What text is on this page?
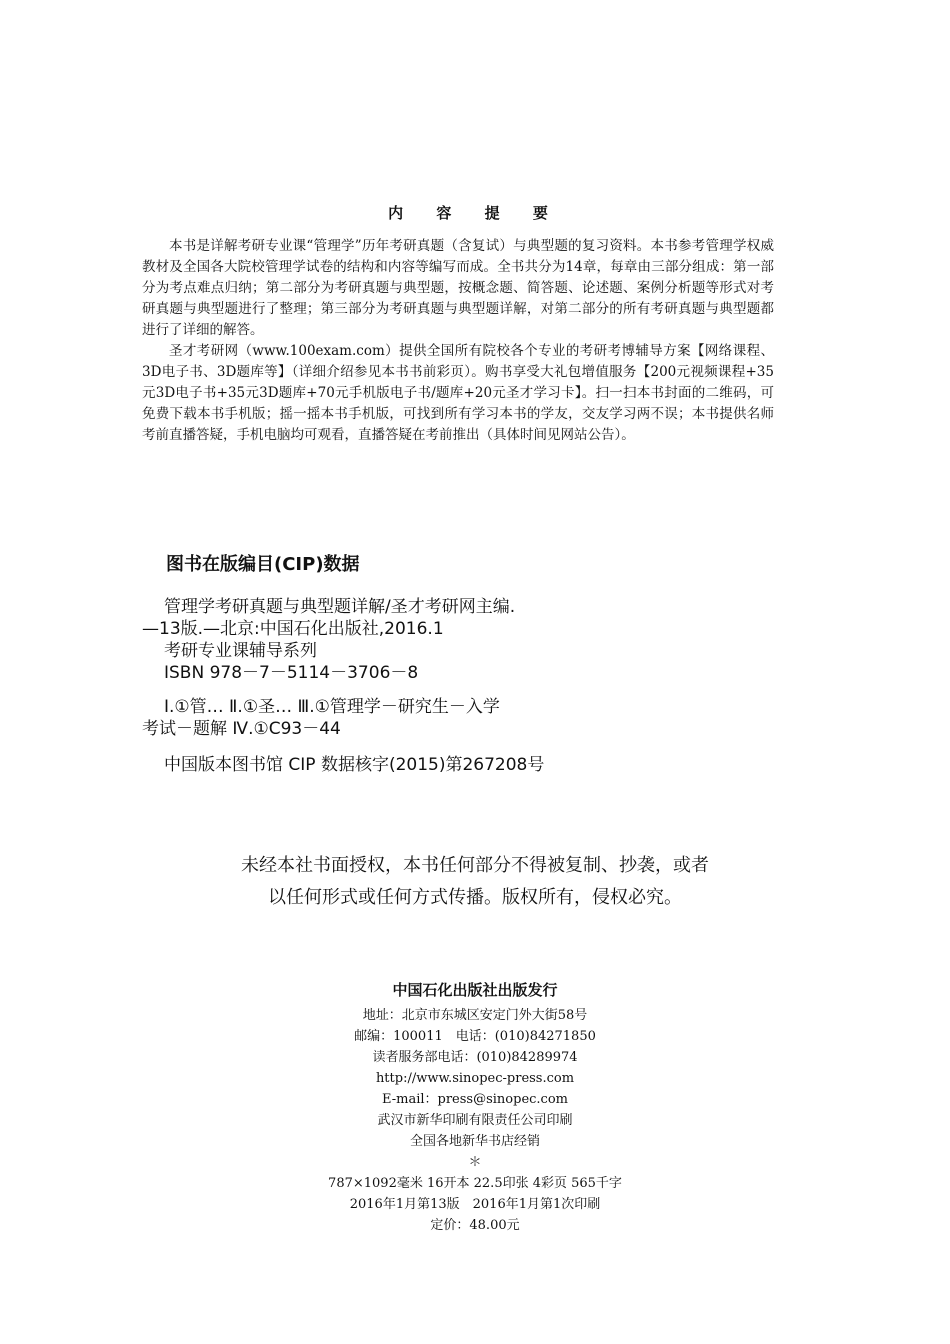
内 容 提 要

本书是详解考研专业课“管理学”历年考研真题（含复试）与典型题的复习资料。本书参考管理学权威教材及全国各大院校管理学试卷的结构和内容等编写而成。全书共分为14章，每章由三部分组成：第一部分为考点难点归纳；第二部分为考研真题与典型题，按概念题、简答题、论述题、案例分析题等形式对考研真题与典型题进行了整理；第三部分为考研真题与典型题详解，对第二部分的所有考研真题与典型题都进行了详细的解答。

圣才考研网（www.100exam.com）提供全国所有院校各个专业的考研考博辅导方案【网络课程、3D电子书、3D题库等】（详细介绍参见本书书前彩页）。购书享受大礼包增值服务【200元视频课程+35元3D电子书+35元3D题库+70元手机版电子书/题库+20元圣才学习卡】。扫一扫本书封面的二维码，可免费下载本书手机版；摇一摇本书手机版，可找到所有学习本书的学友，交友学习两不误；本书提供名师考前直播答疑，手机电脑均可观看，直播答疑在考前推出（具体时间见网站公告）。

图书在版编目(CIP)数据
管理学考研真题与典型题详解/圣才考研网主编.
—13版.—北京:中国石化出版社,2016.1
考研专业课辅导系列
ISBN 978－7－5114－3706－8
Ⅰ.①管… Ⅱ.①圣… Ⅲ.①管理学－研究生－入学
考试－题解 Ⅳ.①C93－44
中国版本图书馆 CIP 数据核字(2015)第267208号
未经本社书面授权，本书任何部分不得被复制、抄袭，或者
以任何形式或任何方式传播。版权所有，侵权必究。
中国石化出版社出版发行
地址：北京市东城区安定门外大街58号
邮编：100011　电话：(010)84271850
读者服务部电话：(010)84289974
http://www.sinopec-press.com
E-mail：press@sinopec.com
武汉市新华印刷有限责任公司印刷
全国各地新华书店经销
＊
787×1092毫米 16开本 22.5印张 4彩页 565千字
2016年1月第13版　2016年1月第1次印刷
定价：48.00元
